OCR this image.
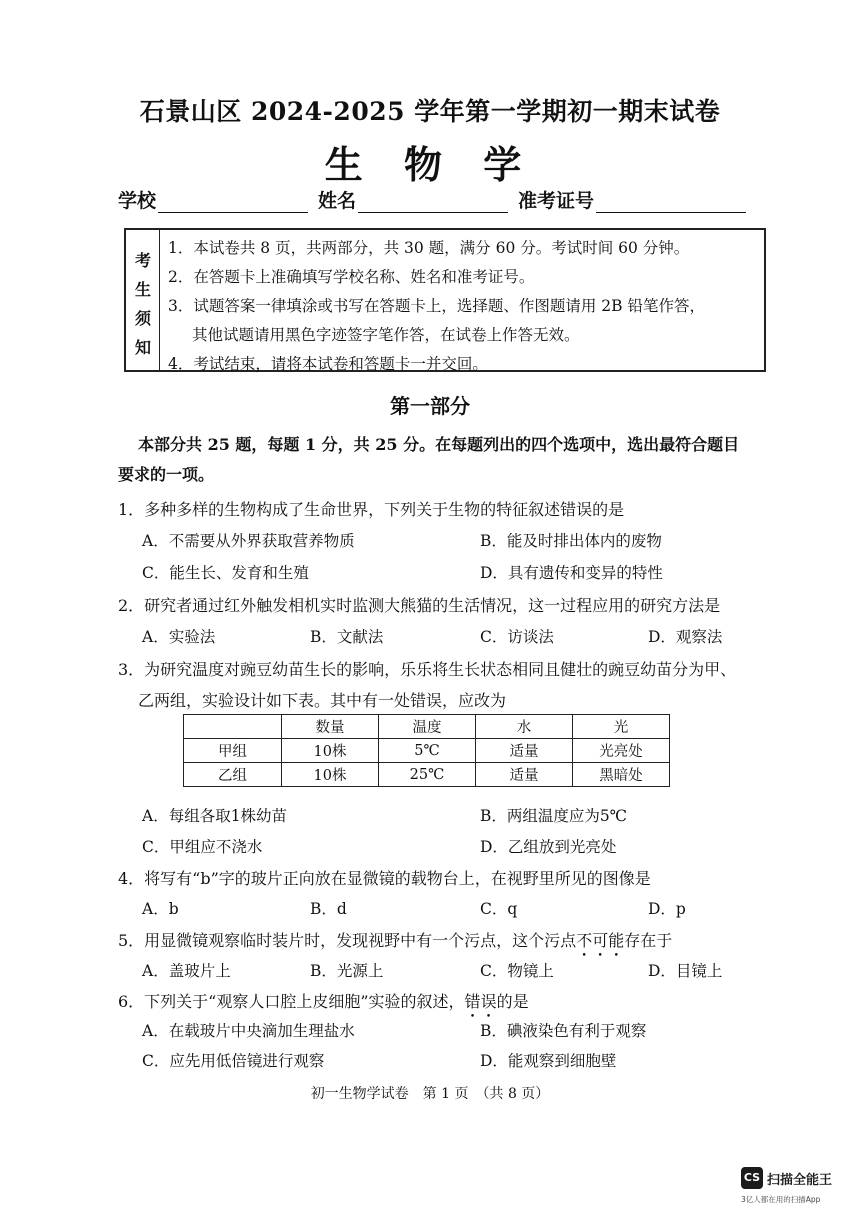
石景山区 2024-2025 学年第一学期初一期末试卷
生 物 学
学校	姓名	准考证号
考
生
须
知
1．本试卷共 8 页，共两部分，共 30 题，满分 60 分。考试时间 60 分钟。
2．在答题卡上准确填写学校名称、姓名和准考证号。
3．试题答案一律填涂或书写在答题卡上，选择题、作图题请用 2B 铅笔作答，
其他试题请用黑色字迹签字笔作答，在试卷上作答无效。
4．考试结束，请将本试卷和答题卡一并交回。
第一部分
本部分共 25 题，每题 1 分，共 25 分。在每题列出的四个选项中，选出最符合题目
要求的一项。
1．多种多样的生物构成了生命世界，下列关于生物的特征叙述错误的是
A．不需要从外界获取营养物质	B．能及时排出体内的废物
C．能生长、发育和生殖	D．具有遗传和变异的特性
2．研究者通过红外触发相机实时监测大熊猫的生活情况，这一过程应用的研究方法是
A．实验法	B．文献法	C．访谈法	D．观察法
3．为研究温度对豌豆幼苗生长的影响，乐乐将生长状态相同且健壮的豌豆幼苗分为甲、
乙两组，实验设计如下表。其中有一处错误，应改为
	数量	温度	水	光
甲组	10株	5℃	适量	光亮处
乙组	10株	25℃	适量	黑暗处
A．每组各取1株幼苗	B．两组温度应为5℃
C．甲组应不浇水	D．乙组放到光亮处
4．将写有“b”字的玻片正向放在显微镜的载物台上，在视野里所见的图像是
A．b	B．d	C．q	D．p
5．用显微镜观察临时装片时，发现视野中有一个污点，这个污点不可能存在于
A．盖玻片上	B．光源上	C．物镜上	D．目镜上
6．下列关于“观察人口腔上皮细胞”实验的叙述，错误的是
A．在载玻片中央滴加生理盐水	B．碘液染色有利于观察
C．应先用低倍镜进行观察	D．能观察到细胞壁
初一生物学试卷　第 1 页　（共 8 页）
CS 扫描全能王
3亿人都在用的扫描App
